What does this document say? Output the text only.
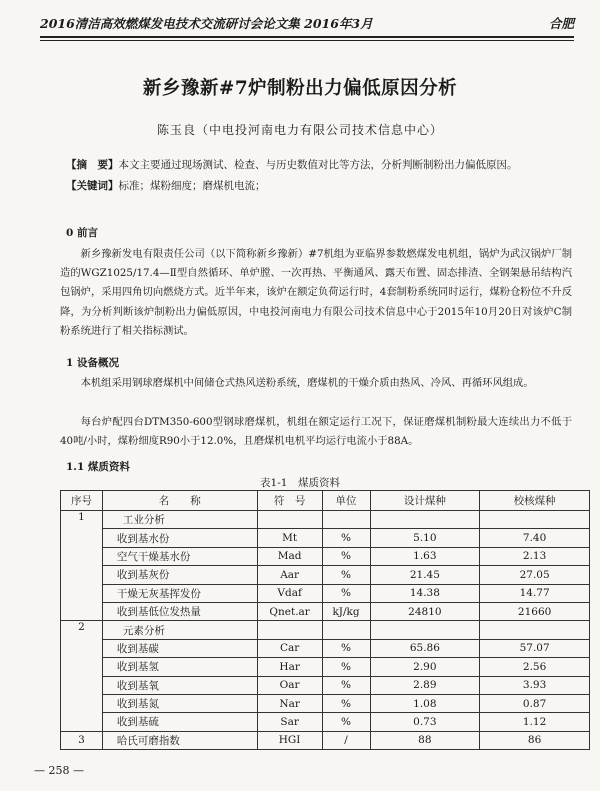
2016清洁高效燃煤发电技术交流研讨会论文集 2016年3月	合肥
新乡豫新#7炉制粉出力偏低原因分析
陈玉良（中电投河南电力有限公司技术信息中心）
【摘　要】本文主要通过现场测试、检查、与历史数值对比等方法，分析判断制粉出力偏低原因。
【关键词】标准；煤粉细度；磨煤机电流；
0 前言
新乡豫新发电有限责任公司（以下简称新乡豫新）#7机组为亚临界参数燃煤发电机组，锅炉为武汉锅炉厂制造的WGZ1025/17.4—Ⅱ型自然循环、单炉膛、一次再热、平衡通风、露天布置、固态排渣、全钢架悬吊结构汽包锅炉，采用四角切向燃烧方式。近半年来，该炉在额定负荷运行时，4套制粉系统同时运行，煤粉仓粉位不升反降，为分析判断该炉制粉出力偏低原因，中电投河南电力有限公司技术信息中心于2015年10月20日对该炉C制粉系统进行了相关指标测试。
1 设备概况
本机组采用钢球磨煤机中间储仓式热风送粉系统，磨煤机的干燥介质由热风、冷风、再循环风组成。
每台炉配四台DTM350-600型钢球磨煤机，机组在额定运行工况下，保证磨煤机制粉最大连续出力不低于40吨/小时，煤粉细度R90小于12.0%，且磨煤机电机平均运行电流小于88A。
1.1 煤质资料
表1-1　煤质资料
序号	名　　称	符　号	单位	设计煤种	校核煤种
1	工业分析				
	收到基水份	Mt	%	5.10	7.40
	空气干燥基水份	Mad	%	1.63	2.13
	收到基灰份	Aar	%	21.45	27.05
	干燥无灰基挥发份	Vdaf	%	14.38	14.77
	收到基低位发热量	Qnet.ar	kJ/kg	24810	21660
2	元素分析				
	收到基碳	Car	%	65.86	57.07
	收到基氢	Har	%	2.90	2.56
	收到基氧	Oar	%	2.89	3.93
	收到基氮	Nar	%	1.08	0.87
	收到基硫	Sar	%	0.73	1.12
3	哈氏可磨指数	HGI	/	88	86
— 258 —
